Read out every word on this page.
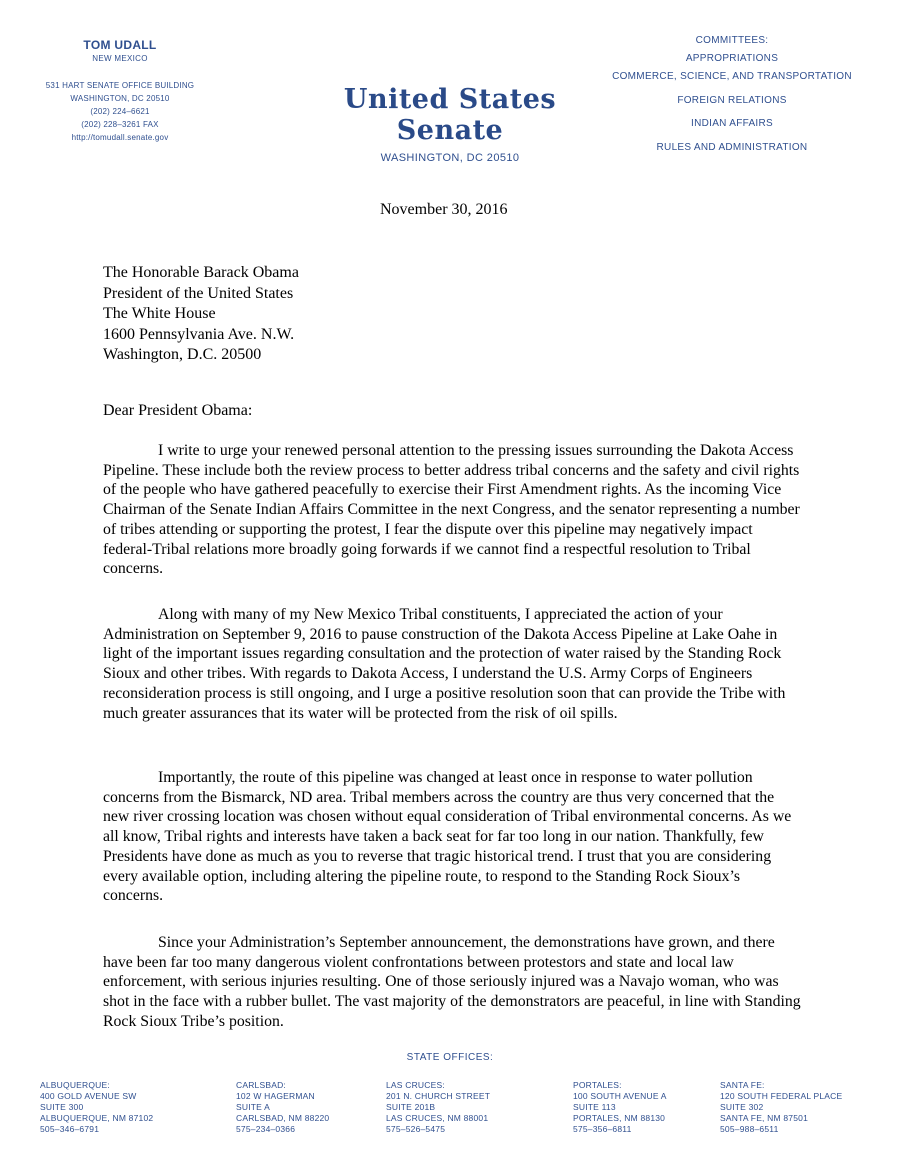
TOM UDALL
NEW MEXICO
531 HART SENATE OFFICE BUILDING
WASHINGTON, DC 20510
(202) 224–6621
(202) 228–3261 FAX
http://tomudall.senate.gov
United States Senate
WASHINGTON, DC 20510
COMMITTEES:
APPROPRIATIONS
COMMERCE, SCIENCE, AND TRANSPORTATION
FOREIGN RELATIONS
INDIAN AFFAIRS
RULES AND ADMINISTRATION
November 30, 2016
The Honorable Barack Obama
President of the United States
The White House
1600 Pennsylvania Ave. N.W.
Washington, D.C. 20500
Dear President Obama:
I write to urge your renewed personal attention to the pressing issues surrounding the Dakota Access Pipeline. These include both the review process to better address tribal concerns and the safety and civil rights of the people who have gathered peacefully to exercise their First Amendment rights. As the incoming Vice Chairman of the Senate Indian Affairs Committee in the next Congress, and the senator representing a number of tribes attending or supporting the protest, I fear the dispute over this pipeline may negatively impact federal-Tribal relations more broadly going forwards if we cannot find a respectful resolution to Tribal concerns.
Along with many of my New Mexico Tribal constituents, I appreciated the action of your Administration on September 9, 2016 to pause construction of the Dakota Access Pipeline at Lake Oahe in light of the important issues regarding consultation and the protection of water raised by the Standing Rock Sioux and other tribes. With regards to Dakota Access, I understand the U.S. Army Corps of Engineers reconsideration process is still ongoing, and I urge a positive resolution soon that can provide the Tribe with much greater assurances that its water will be protected from the risk of oil spills.
Importantly, the route of this pipeline was changed at least once in response to water pollution concerns from the Bismarck, ND area. Tribal members across the country are thus very concerned that the new river crossing location was chosen without equal consideration of Tribal environmental concerns. As we all know, Tribal rights and interests have taken a back seat for far too long in our nation. Thankfully, few Presidents have done as much as you to reverse that tragic historical trend. I trust that you are considering every available option, including altering the pipeline route, to respond to the Standing Rock Sioux’s concerns.
Since your Administration’s September announcement, the demonstrations have grown, and there have been far too many dangerous violent confrontations between protestors and state and local law enforcement, with serious injuries resulting. One of those seriously injured was a Navajo woman, who was shot in the face with a rubber bullet. The vast majority of the demonstrators are peaceful, in line with Standing Rock Sioux Tribe’s position.
STATE OFFICES:
ALBUQUERQUE:
400 GOLD AVENUE SW
SUITE 300
ALBUQUERQUE, NM 87102
505–346–6791
CARLSBAD:
102 W HAGERMAN
SUITE A
CARLSBAD, NM 88220
575–234–0366
LAS CRUCES:
201 N. CHURCH STREET
SUITE 201B
LAS CRUCES, NM 88001
575–526–5475
PORTALES:
100 SOUTH AVENUE A
SUITE 113
PORTALES, NM 88130
575–356–6811
SANTA FE:
120 SOUTH FEDERAL PLACE
SUITE 302
SANTA FE, NM 87501
505–988–6511
